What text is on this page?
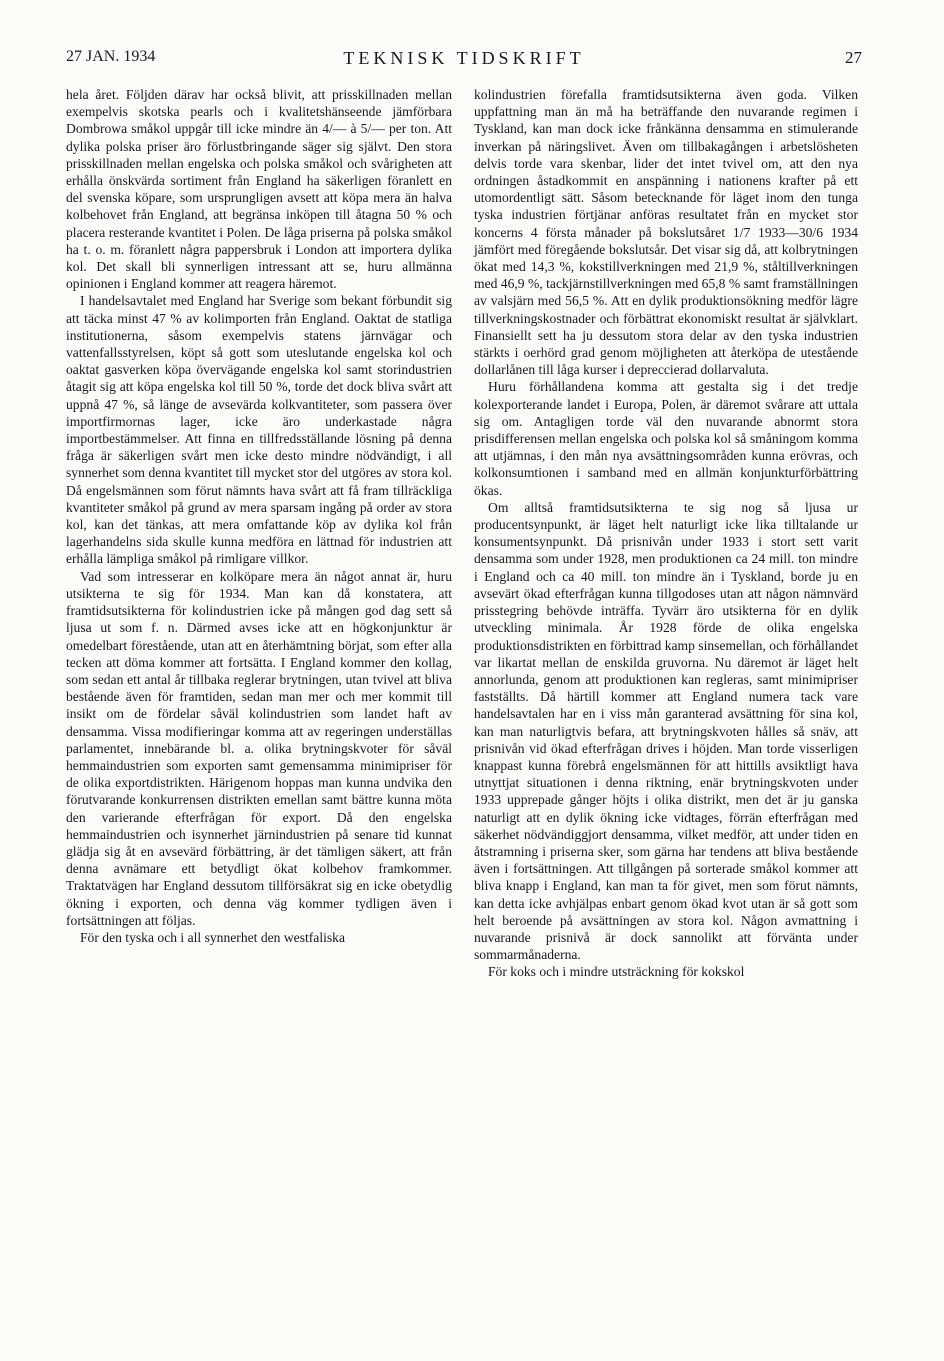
27 JAN. 1934	TEKNISK TIDSKRIFT	27

hela året. Följden därav har också blivit, att prisskillnaden mellan exempelvis skotska pearls och i kvalitetshänseende jämförbara Dombrowa småkol uppgår till icke mindre än 4/— à 5/— per ton. Att dylika polska priser äro förlustbringande säger sig självt. Den stora prisskillnaden mellan engelska och polska småkol och svårigheten att erhålla önskvärda sortiment från England ha säkerligen föranlett en del svenska köpare, som ursprungligen avsett att köpa mera än halva kolbehovet från England, att begränsa inköpen till åtagna 50 % och placera resterande kvantitet i Polen. De låga priserna på polska småkol ha t. o. m. föranlett några pappersbruk i London att importera dylika kol. Det skall bli synnerligen intressant att se, huru allmänna opinionen i England kommer att reagera häremot.

I handelsavtalet med England har Sverige som bekant förbundit sig att täcka minst 47 % av kolimporten från England. Oaktat de statliga institutionerna, såsom exempelvis statens järnvägar och vattenfallsstyrelsen, köpt så gott som uteslutande engelska kol och oaktat gasverken köpa övervägande engelska kol samt storindustrien åtagit sig att köpa engelska kol till 50 %, torde det dock bliva svårt att uppnå 47 %, så länge de avsevärda kolkvantiteter, som passera över importfirmornas lager, icke äro underkastade några importbestämmelser. Att finna en tillfredsställande lösning på denna fråga är säkerligen svårt men icke desto mindre nödvändigt, i all synnerhet som denna kvantitet till mycket stor del utgöres av stora kol. Då engelsmännen som förut nämnts hava svårt att få fram tillräckliga kvantiteter småkol på grund av mera sparsam ingång på order av stora kol, kan det tänkas, att mera omfattande köp av dylika kol från lagerhandelns sida skulle kunna medföra en lättnad för industrien att erhålla lämpliga småkol på rimligare villkor.

Vad som intresserar en kolköpare mera än något annat är, huru utsikterna te sig för 1934. Man kan då konstatera, att framtidsutsikterna för kolindustrien icke på mången god dag sett så ljusa ut som f. n. Därmed avses icke att en högkonjunktur är omedelbart förestående, utan att en återhämtning börjat, som efter alla tecken att döma kommer att fortsätta. I England kommer den kollag, som sedan ett antal år tillbaka reglerar brytningen, utan tvivel att bliva bestående även för framtiden, sedan man mer och mer kommit till insikt om de fördelar såväl kolindustrien som landet haft av densamma. Vissa modifieringar komma att av regeringen underställas parlamentet, innebärande bl. a. olika brytningskvoter för såväl hemmaindustrien som exporten samt gemensamma minimipriser för de olika exportdistrikten. Härigenom hoppas man kunna undvika den förutvarande konkurrensen distrikten emellan samt bättre kunna möta den varierande efterfrågan för export. Då den engelska hemmaindustrien och isynnerhet järnindustrien på senare tid kunnat glädja sig åt en avsevärd förbättring, är det tämligen säkert, att från denna avnämare ett betydligt ökat kolbehov framkommer. Traktatvägen har England dessutom tillförsäkrat sig en icke obetydlig ökning i exporten, och denna väg kommer tydligen även i fortsättningen att följas.

För den tyska och i all synnerhet den westfaliska

kolindustrien förefalla framtidsutsikterna även goda. Vilken uppfattning man än må ha beträffande den nuvarande regimen i Tyskland, kan man dock icke frånkänna densamma en stimulerande inverkan på näringslivet. Även om tillbakagången i arbetslösheten delvis torde vara skenbar, lider det intet tvivel om, att den nya ordningen åstadkommit en anspänning i nationens krafter på ett utomordentligt sätt. Såsom betecknande för läget inom den tunga tyska industrien förtjänar anföras resultatet från en mycket stor koncerns 4 första månader på bokslutsåret 1/7 1933—30/6 1934 jämfört med föregående bokslutsår. Det visar sig då, att kolbrytningen ökat med 14,3 %, kokstillverkningen med 21,9 %, ståltillverkningen med 46,9 %, tackjärnstillverkningen med 65,8 % samt framställningen av valsjärn med 56,5 %. Att en dylik produktionsökning medför lägre tillverkningskostnader och förbättrat ekonomiskt resultat är självklart. Finansiellt sett ha ju dessutom stora delar av den tyska industrien stärkts i oerhörd grad genom möjligheten att återköpa de utestående dollarlånen till låga kurser i depreccierad dollarvaluta.

Huru förhållandena komma att gestalta sig i det tredje kolexporterande landet i Europa, Polen, är däremot svårare att uttala sig om. Antagligen torde väl den nuvarande abnormt stora prisdifferensen mellan engelska och polska kol så småningom komma att utjämnas, i den mån nya avsättningsområden kunna erövras, och kolkonsumtionen i samband med en allmän konjunkturförbättring ökas.

Om alltså framtidsutsikterna te sig nog så ljusa ur producentsynpunkt, är läget helt naturligt icke lika tilltalande ur konsumentsynpunkt. Då prisnivån under 1933 i stort sett varit densamma som under 1928, men produktionen ca 24 mill. ton mindre i England och ca 40 mill. ton mindre än i Tyskland, borde ju en avsevärt ökad efterfrågan kunna tillgodoses utan att någon nämnvärd prisstegring behövde inträffa. Tyvärr äro utsikterna för en dylik utveckling minimala. År 1928 förde de olika engelska produktionsdistrikten en förbittrad kamp sinsemellan, och förhållandet var likartat mellan de enskilda gruvorna. Nu däremot är läget helt annorlunda, genom att produktionen kan regleras, samt minimipriser fastställts. Då härtill kommer att England numera tack vare handelsavtalen har en i viss mån garanterad avsättning för sina kol, kan man naturligtvis befara, att brytningskvoten hålles så snäv, att prisnivån vid ökad efterfrågan drives i höjden. Man torde visserligen knappast kunna förebrå engelsmännen för att hittills avsiktligt hava utnyttjat situationen i denna riktning, enär brytningskvoten under 1933 upprepade gånger höjts i olika distrikt, men det är ju ganska naturligt att en dylik ökning icke vidtages, förrän efterfrågan med säkerhet nödvändiggjort densamma, vilket medför, att under tiden en åtstramning i priserna sker, som gärna har tendens att bliva bestående även i fortsättningen. Att tillgången på sorterade småkol kommer att bliva knapp i England, kan man ta för givet, men som förut nämnts, kan detta icke avhjälpas enbart genom ökad kvot utan är så gott som helt beroende på avsättningen av stora kol. Någon avmattning i nuvarande prisnivå är dock sannolikt att förvänta under sommarmånaderna.

För koks och i mindre utsträckning för kokskol
